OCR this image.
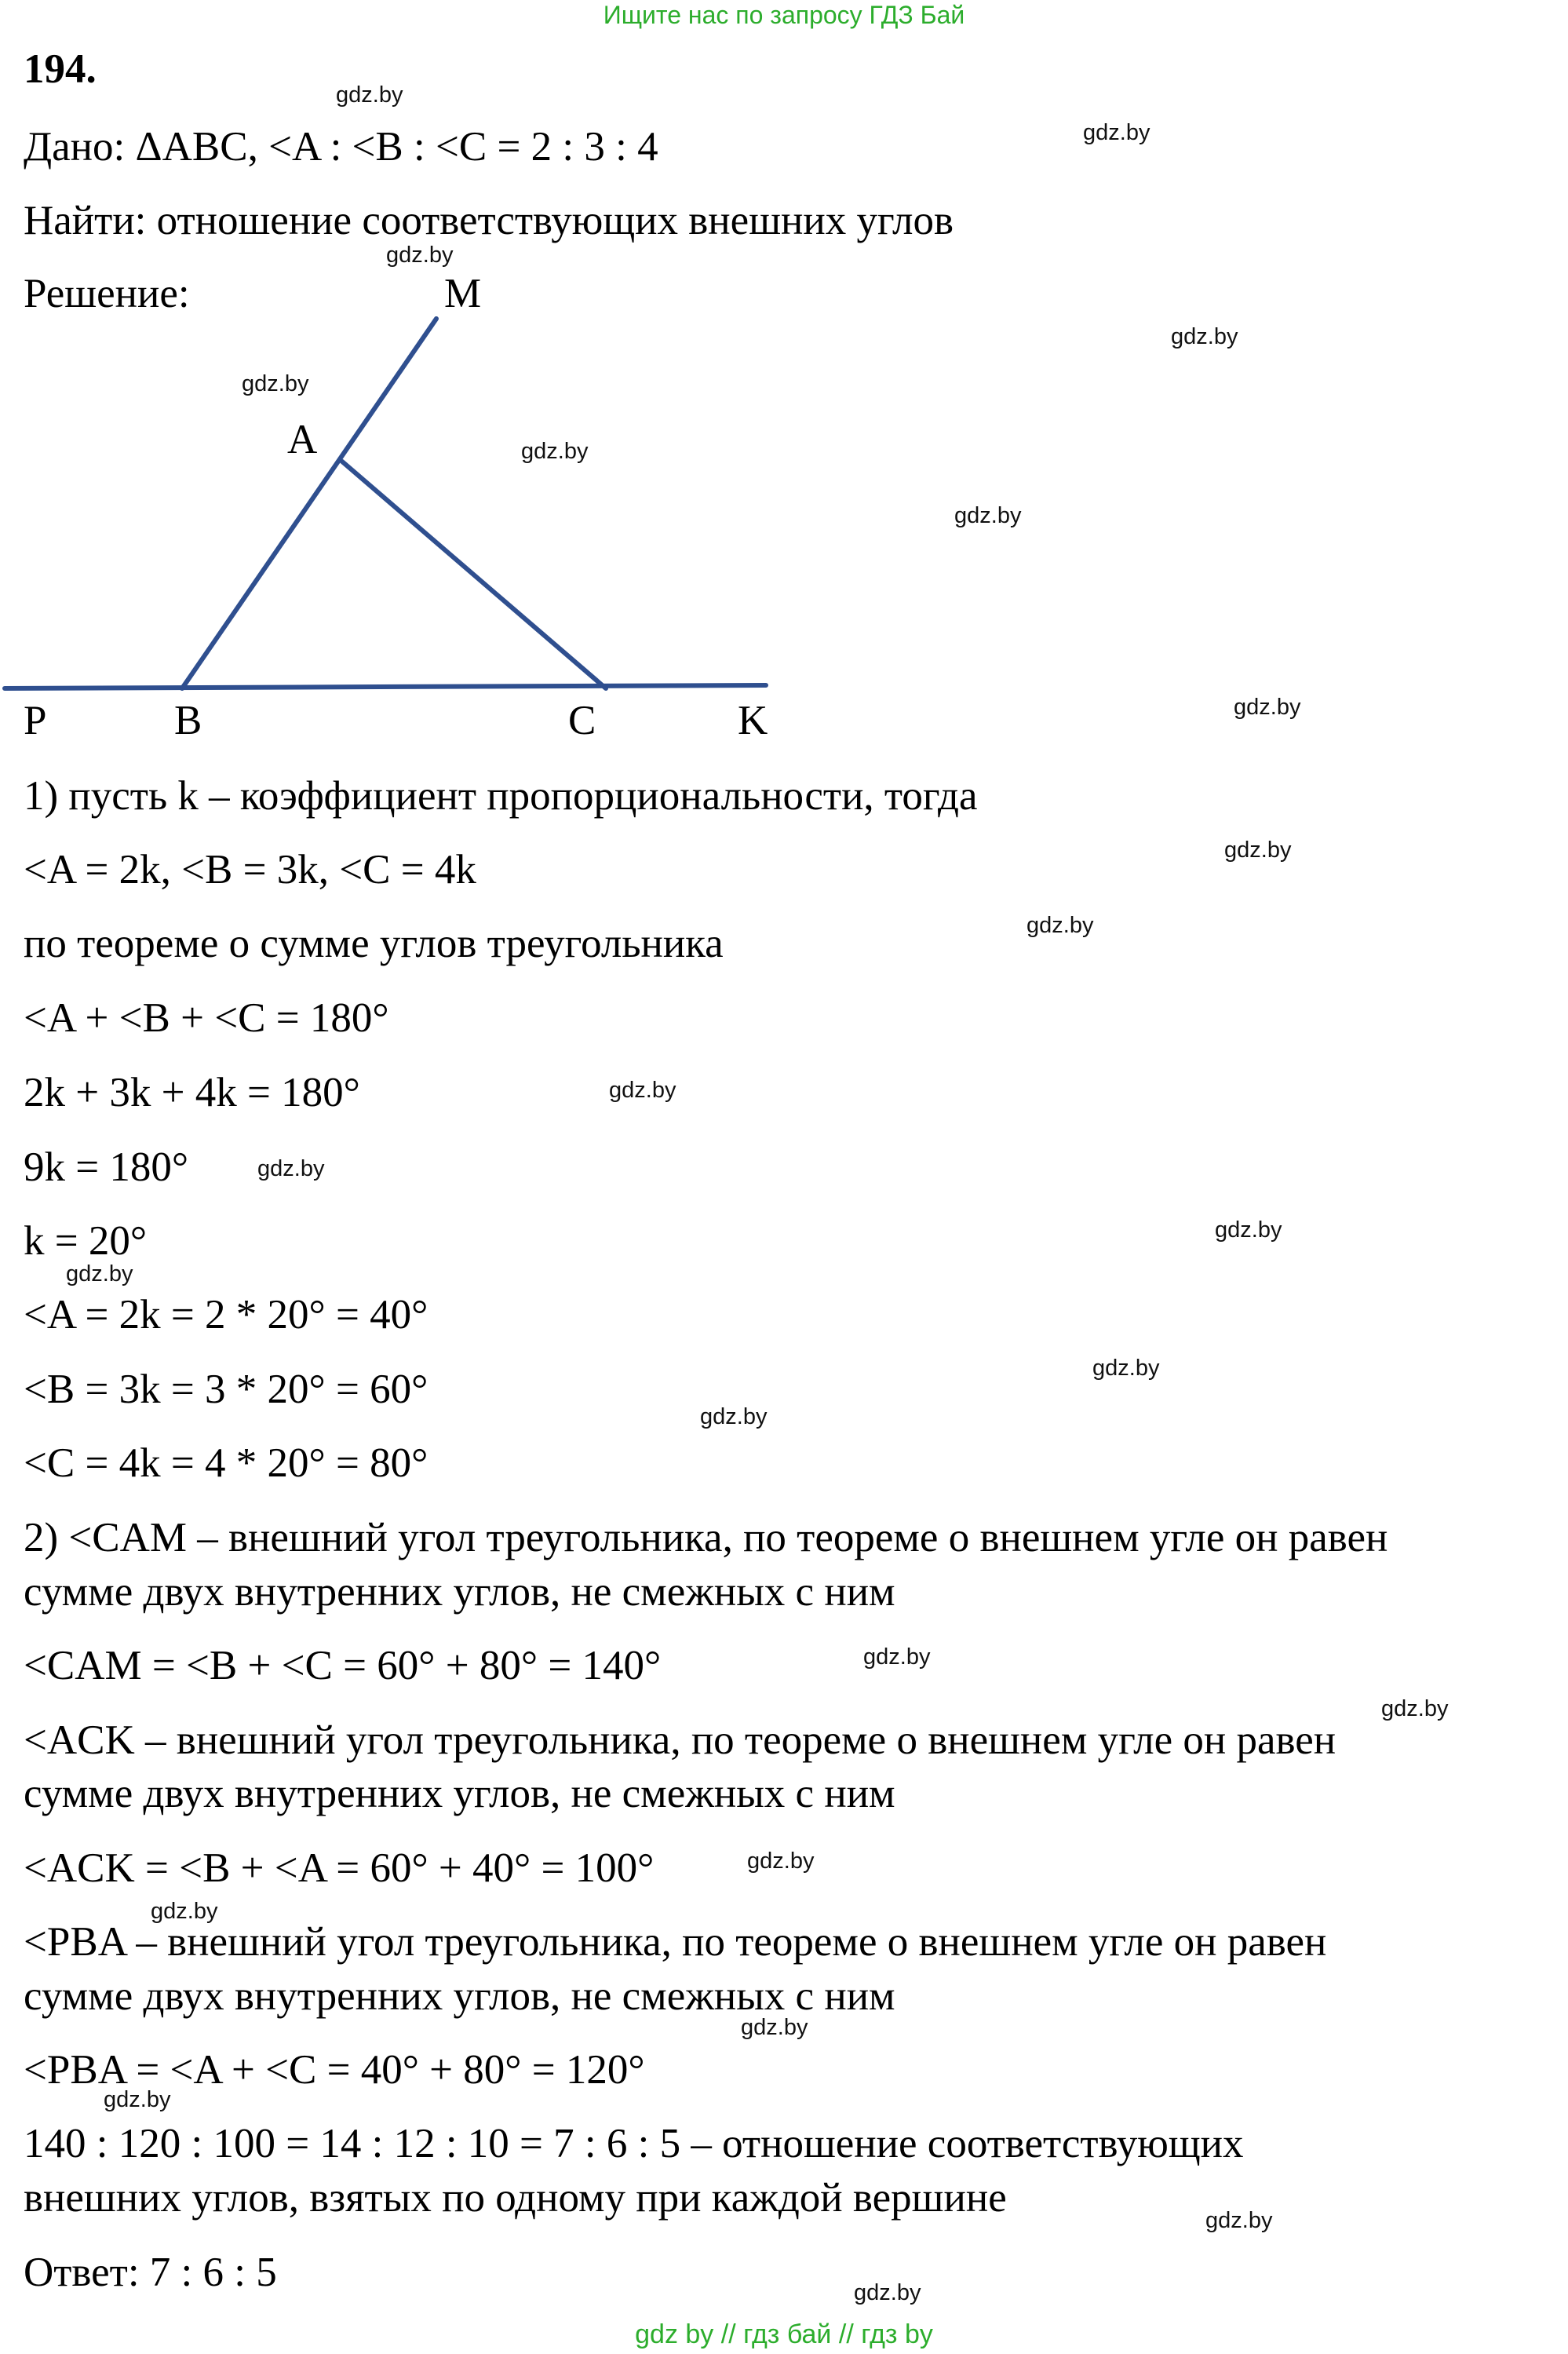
Ищите нас по запросу ГДЗ Бай
194.
Дано: ΔABC, <A : <B : <C = 2 : 3 : 4
Найти: отношение соответствующих внешних углов
Решение:	M
A
P	B	C	K
1) пусть k – коэффициент пропорциональности, тогда
<A = 2k, <B = 3k, <C = 4k
по теореме о сумме углов треугольника
<A + <B + <C = 180°
2k + 3k + 4k = 180°
9k = 180°
k = 20°
<A = 2k = 2 * 20° = 40°
<B = 3k = 3 * 20° = 60°
<C = 4k = 4 * 20° = 80°
2) <CAM – внешний угол треугольника, по теореме о внешнем угле он равен
сумме двух внутренних углов, не смежных с ним
<CAM = <B + <C = 60° + 80° = 140°
<ACK – внешний угол треугольника, по теореме о внешнем угле он равен
сумме двух внутренних углов, не смежных с ним
<ACK = <B + <A = 60° + 40° = 100°
<PBA – внешний угол треугольника, по теореме о внешнем угле он равен
сумме двух внутренних углов, не смежных с ним
<PBA = <A + <C = 40° + 80° = 120°
140 : 120 : 100 = 14 : 12 : 10 = 7 : 6 : 5 – отношение соответствующих
внешних углов, взятых по одному при каждой вершине
Ответ: 7 : 6 : 5
gdz.by
gdz.by
gdz.by
gdz.by
gdz.by
gdz.by
gdz.by
gdz.by
gdz.by
gdz.by
gdz.by
gdz.by
gdz.by
gdz.by
gdz.by
gdz.by
gdz.by
gdz.by
gdz.by
gdz.by
gdz.by
gdz.by
gdz.by
gdz.by
gdz by // гдз бай // гдз by
